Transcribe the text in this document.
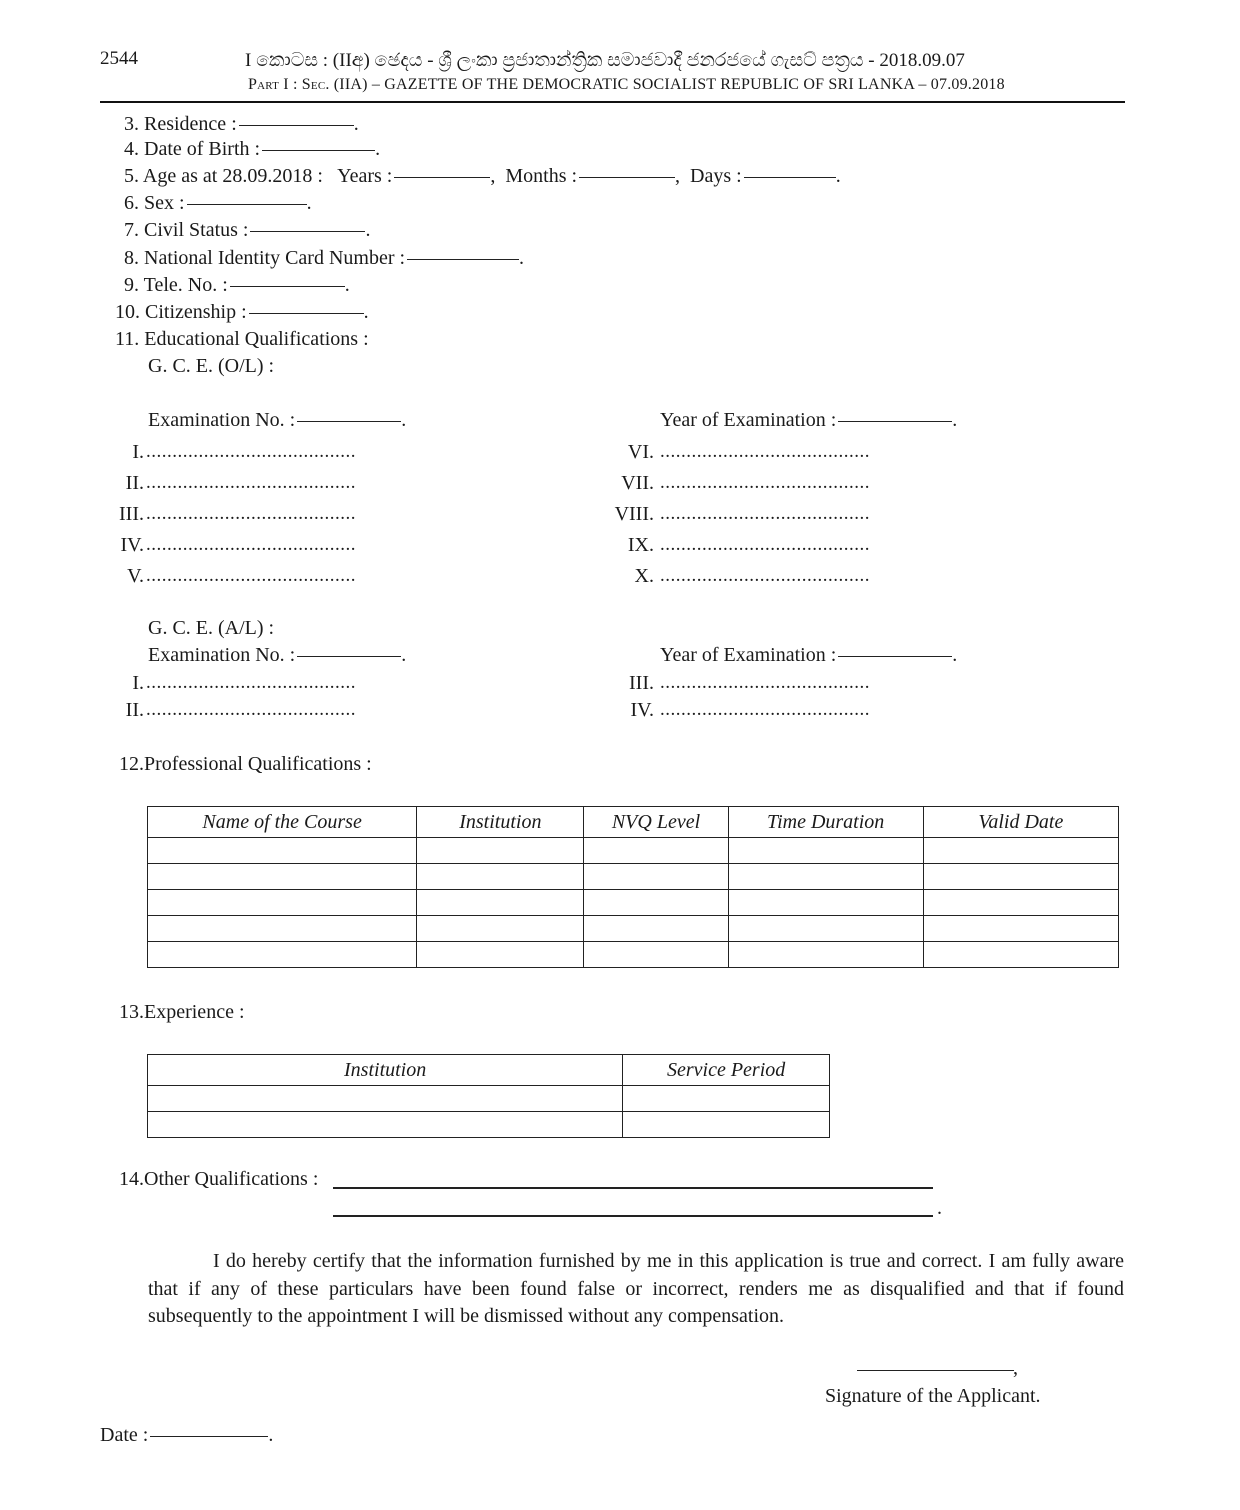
2544	I කොටස : (IIඅ) ඡෙදය - ශ්‍රී ලංකා ප්‍රජාතාන්ත්‍රික සමාජවාදී ජනරජයේ ගැසට් පත්‍රය - 2018.09.07
Part I : Sec. (IIA) – GAZETTE OF THE DEMOCRATIC SOCIALIST REPUBLIC OF SRI LANKA – 07.09.2018
3. Residence :	.
4. Date of Birth :	.
5. Age as at 28.09.2018 : Years :	,  Months :	,  Days :	.
6. Sex :	.
7. Civil Status :	.
8. National Identity Card Number :	.
9. Tele. No. :	.
10. Citizenship :	.
11. Educational Qualifications :
G. C. E. (O/L) :
Examination No. :	.	Year of Examination :	.
I. ........................................
II. ........................................
III. ........................................
IV. ........................................
V. ........................................
VI. ........................................
VII. ........................................
VIII. ........................................
IX. ........................................
X. ........................................
G. C. E. (A/L) :
Examination No. :	.	Year of Examination :	.
I. ........................................
II. ........................................
III. ........................................
IV. ........................................
12.Professional Qualifications :
Name of the Course	Institution	NVQ Level	Time Duration	Valid Date

13.Experience :
Institution	Service Period

14.Other Qualifications :
.
I do hereby certify that the information furnished by me in this application is true and correct. I am fully aware that if any of these particulars have been found false or incorrect, renders me as disqualified and that if found subsequently to the appointment I will be dismissed without any compensation.
,
Signature of the Applicant.
Date :	.
